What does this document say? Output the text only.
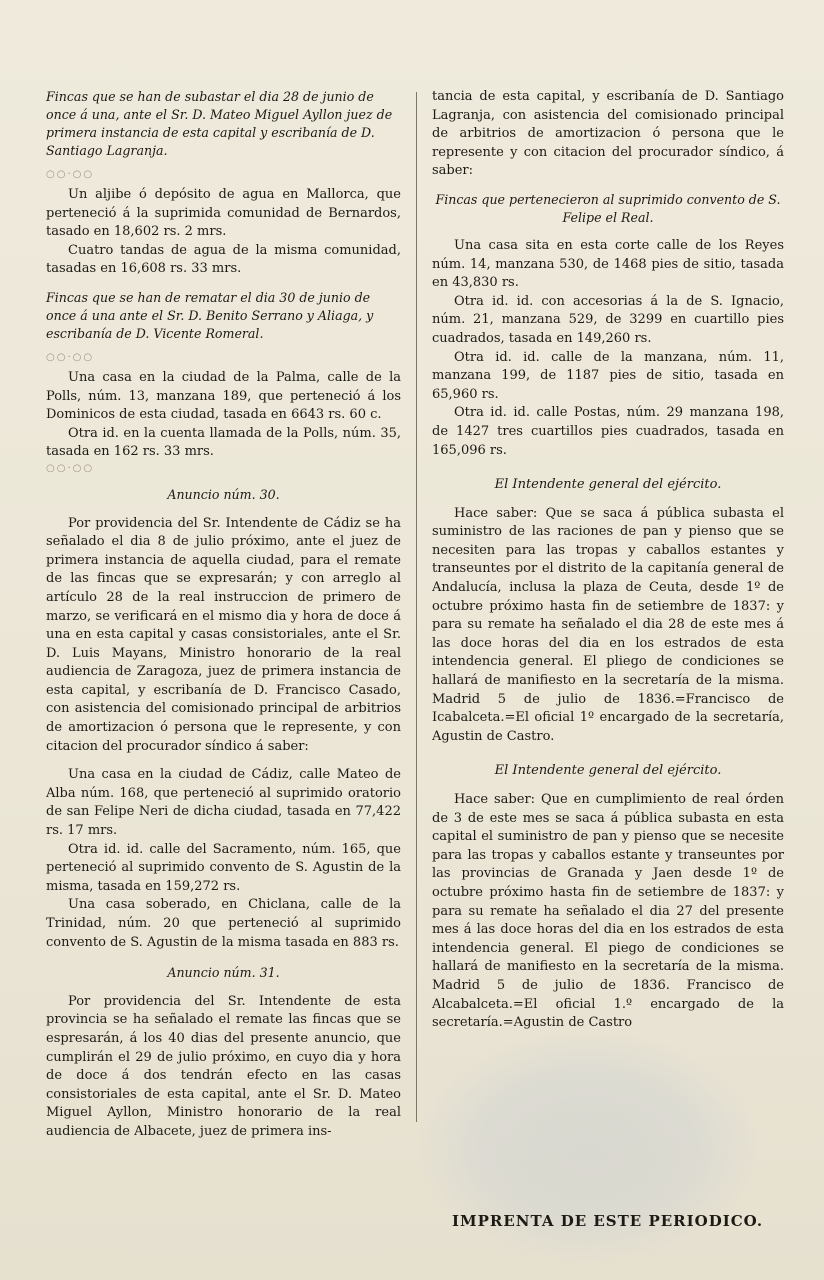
Fincas que se han de subastar el dia 28 de junio de once á una, ante el Sr. D. Mateo Miguel Ayllon juez de primera instancia de esta capital y escribanía de D. Santiago Lagranja.

○○·○○

Un aljibe ó depósito de agua en Mallorca, que perteneció á la suprimida comunidad de Bernardos, tasado en 18,602 rs. 2 mrs.

Cuatro tandas de agua de la misma comunidad, tasadas en 16,608 rs. 33 mrs.

Fincas que se han de rematar el dia 30 de junio de once á una ante el Sr. D. Benito Serrano y Aliaga, y escribanía de D. Vicente Romeral.

○○·○○

Una casa en la ciudad de la Palma, calle de la Polls, núm. 13, manzana 189, que perteneció á los Dominicos de esta ciudad, tasada en 6643 rs. 60 c.

Otra id. en la cuenta llamada de la Polls, núm. 35, tasada en 162 rs. 33 mrs.

○○·○○

Anuncio núm. 30.

Por providencia del Sr. Intendente de Cádiz se ha señalado el dia 8 de julio próximo, ante el juez de primera instancia de aquella ciudad, para el remate de las fincas que se expresarán; y con arreglo al artículo 28 de la real instruccion de primero de marzo, se verificará en el mismo dia y hora de doce á una en esta capital y casas consistoriales, ante el Sr. D. Luis Mayans, Ministro honorario de la real audiencia de Zaragoza, juez de primera instancia de esta capital, y escribanía de D. Francisco Casado, con asistencia del comisionado principal de arbitrios de amortizacion ó persona que le represente, y con citacion del procurador síndico á saber:

Una casa en la ciudad de Cádiz, calle Mateo de Alba núm. 168, que perteneció al suprimido oratorio de san Felipe Neri de dicha ciudad, tasada en 77,422 rs. 17 mrs.

Otra id. id. calle del Sacramento, núm. 165, que perteneció al suprimido convento de S. Agustin de la misma, tasada en 159,272 rs.

Una casa soberado, en Chiclana, calle de la Trinidad, núm. 20 que perteneció al suprimido convento de S. Agustin de la misma tasada en 883 rs.

Anuncio núm. 31.

Por providencia del Sr. Intendente de esta provincia se ha señalado el remate las fincas que se espresarán, á los 40 dias del presente anuncio, que cumplirán el 29 de julio próximo, en cuyo dia y hora de doce á dos tendrán efecto en las casas consistoriales de esta capital, ante el Sr. D. Mateo Miguel Ayllon, Ministro honorario de la real audiencia de Albacete, juez de primera ins-

tancia de esta capital, y escribanía de D. Santiago Lagranja, con asistencia del comisionado principal de arbitrios de amortizacion ó persona que le represente y con citacion del procurador síndico, á saber:

Fincas que pertenecieron al suprimido convento de S. Felipe el Real.

Una casa sita en esta corte calle de los Reyes núm. 14, manzana 530, de 1468 pies de sitio, tasada en 43,830 rs.

Otra id. id. con accesorias á la de S. Ignacio, núm. 21, manzana 529, de 3299 en cuartillo pies cuadrados, tasada en 149,260 rs.

Otra id. id. calle de la manzana, núm. 11, manzana 199, de 1187 pies de sitio, tasada en 65,960 rs.

Otra id. id. calle Postas, núm. 29 manzana 198, de 1427 tres cuartillos pies cuadrados, tasada en 165,096 rs.

El Intendente general del ejército.

Hace saber: Que se saca á pública subasta el suministro de las raciones de pan y pienso que se necesiten para las tropas y caballos estantes y transeuntes por el distrito de la capitanía general de Andalucía, inclusa la plaza de Ceuta, desde 1º de octubre próximo hasta fin de setiembre de 1837: y para su remate ha señalado el dia 28 de este mes á las doce horas del dia en los estrados de esta intendencia general. El pliego de condiciones se hallará de manifiesto en la secretaría de la misma. Madrid 5 de julio de 1836.=Francisco de Icabalceta.=El oficial 1º encargado de la secretaría, Agustin de Castro.

El Intendente general del ejército.

Hace saber: Que en cumplimiento de real órden de 3 de este mes se saca á pública subasta en esta capital el suministro de pan y pienso que se necesite para las tropas y caballos estante y transeuntes por las provincias de Granada y Jaen desde 1º de octubre próximo hasta fin de setiembre de 1837: y para su remate ha señalado el dia 27 del presente mes á las doce horas del dia en los estrados de esta intendencia general. El piego de condiciones se hallará de manifiesto en la secretaría de la misma. Madrid 5 de julio de 1836. Francisco de Alcabalceta.=El oficial 1.º encargado de la secretaría.=Agustin de Castro

IMPRENTA DE ESTE PERIODICO.
